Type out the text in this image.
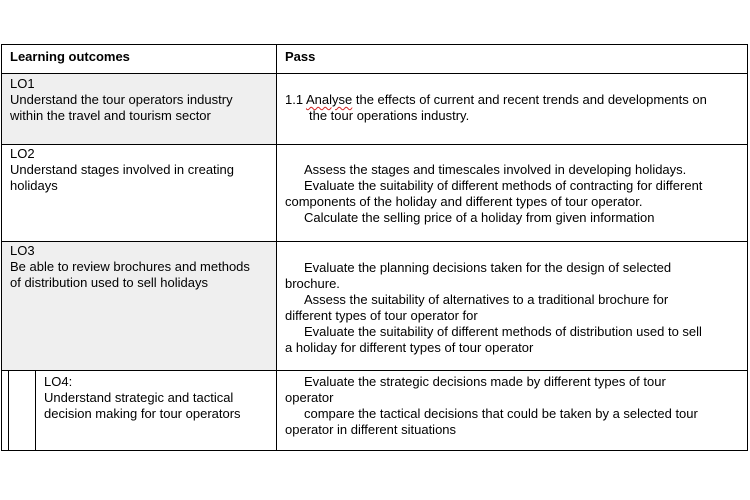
Learning outcomes	Pass
LO1
Understand the tour operators industry
within the travel and tourism sector
1.1 Analyse the effects of current and recent trends and developments on
the tour operations industry.
LO2
Understand stages involved in creating
holidays
Assess the stages and timescales involved in developing holidays.
Evaluate the suitability of different methods of contracting for different
components of the holiday and different types of tour operator.
Calculate the selling price of a holiday from given information
LO3
Be able to review brochures and methods
of distribution used to sell holidays
Evaluate the planning decisions taken for the design of selected
brochure.
Assess the suitability of alternatives to a traditional brochure for
different types of tour operator for
Evaluate the suitability of different methods of distribution used to sell
a holiday for different types of tour operator
LO4:
Understand strategic and tactical
decision making for tour operators
Evaluate the strategic decisions made by different types of tour
operator
compare the tactical decisions that could be taken by a selected tour
operator in different situations
